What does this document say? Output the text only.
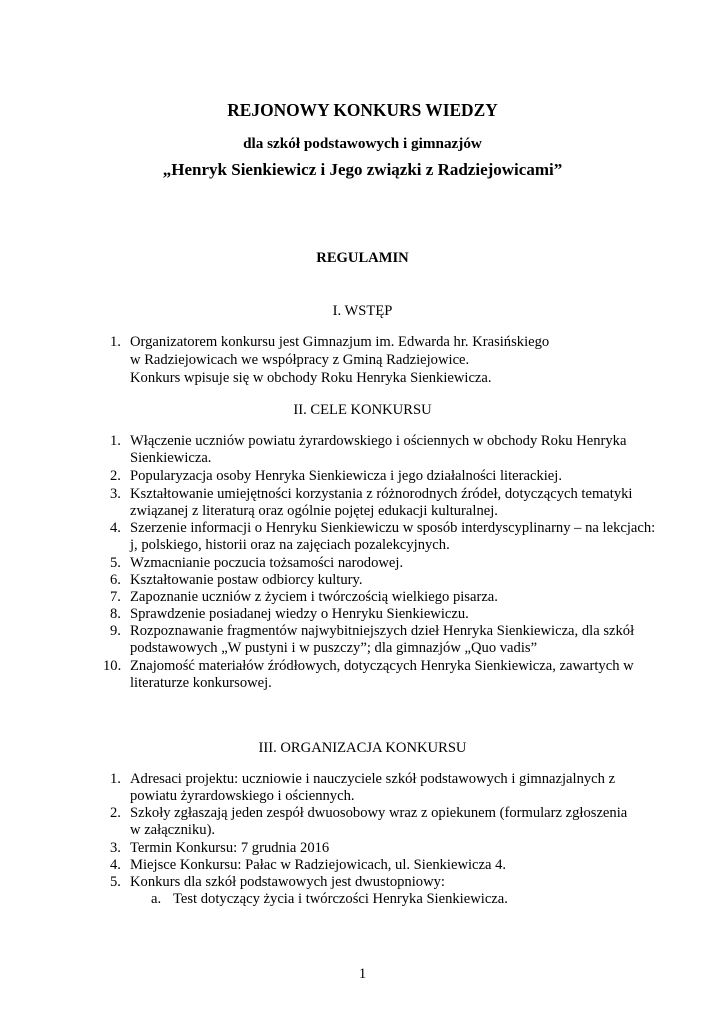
REJONOWY KONKURS WIEDZY
dla szkół podstawowych i gimnazjów
„Henryk Sienkiewicz i Jego związki z Radziejowicami”
REGULAMIN
I. WSTĘP
1. Organizatorem konkursu jest Gimnazjum im. Edwarda hr. Krasińskiego
w Radziejowicach we współpracy z Gminą Radziejowice.
Konkurs wpisuje się w obchody Roku Henryka Sienkiewicza.
II. CELE KONKURSU
1. Włączenie uczniów powiatu żyrardowskiego i ościennych w obchody Roku Henryka
Sienkiewicza.
2. Popularyzacja osoby Henryka Sienkiewicza i jego działalności literackiej.
3. Kształtowanie umiejętności korzystania z różnorodnych źródeł, dotyczących tematyki
związanej z literaturą oraz ogólnie pojętej edukacji kulturalnej.
4. Szerzenie informacji o Henryku Sienkiewiczu w sposób interdyscyplinarny – na lekcjach:
j, polskiego, historii oraz na zajęciach pozalekcyjnych.
5. Wzmacnianie poczucia tożsamości narodowej.
6. Kształtowanie postaw odbiorcy kultury.
7. Zapoznanie uczniów z życiem i twórczością wielkiego pisarza.
8. Sprawdzenie posiadanej wiedzy o Henryku Sienkiewiczu.
9. Rozpoznawanie fragmentów najwybitniejszych dzieł Henryka Sienkiewicza, dla szkół
podstawowych „W pustyni i w puszczy”; dla gimnazjów „Quo vadis”
10. Znajomość materiałów źródłowych, dotyczących Henryka Sienkiewicza, zawartych w
literaturze konkursowej.
III. ORGANIZACJA KONKURSU
1. Adresaci projektu: uczniowie i nauczyciele szkół podstawowych i gimnazjalnych z
powiatu żyrardowskiego i ościennych.
2. Szkoły zgłaszają jeden zespół dwuosobowy wraz z opiekunem (formularz zgłoszenia
w załączniku).
3. Termin Konkursu: 7 grudnia 2016
4. Miejsce Konkursu: Pałac w Radziejowicach, ul. Sienkiewicza 4.
5. Konkurs dla szkół podstawowych jest dwustopniowy:
a. Test dotyczący życia i twórczości Henryka Sienkiewicza.
1
